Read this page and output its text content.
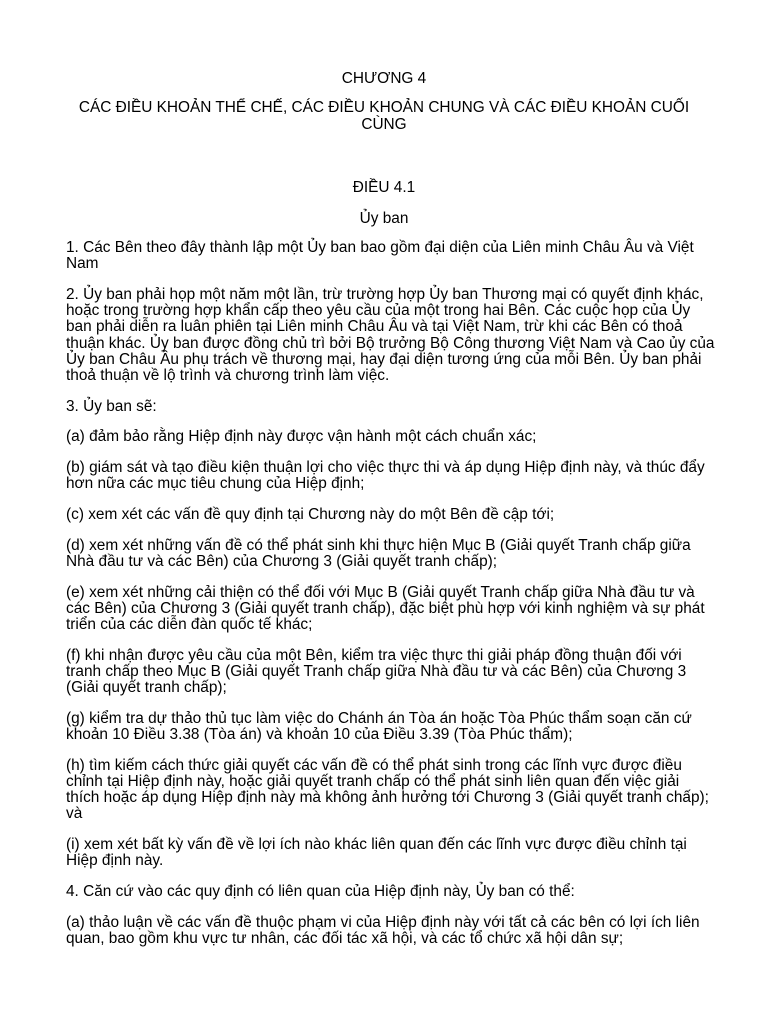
CHƯƠNG 4

CÁC ĐIỀU KHOẢN THỂ CHẾ, CÁC ĐIỀU KHOẢN CHUNG VÀ CÁC ĐIỀU KHOẢN CUỐI CÙNG

ĐIỀU 4.1

Ủy ban

1. Các Bên theo đây thành lập một Ủy ban bao gồm đại diện của Liên minh Châu Âu và Việt Nam

2. Ủy ban phải họp một năm một lần, trừ trường hợp Ủy ban Thương mại có quyết định khác, hoặc trong trường hợp khẩn cấp theo yêu cầu của một trong hai Bên. Các cuộc họp của Ủy ban phải diễn ra luân phiên tại Liên minh Châu Âu và tại Việt Nam, trừ khi các Bên có thoả thuận khác. Ủy ban được đồng chủ trì bởi Bộ trưởng Bộ Công thương Việt Nam và Cao ủy của Ủy ban Châu Âu phụ trách về thương mại, hay đại diện tương ứng của mỗi Bên. Ủy ban phải thoả thuận về lộ trình và chương trình làm việc.

3. Ủy ban sẽ:

(a) đảm bảo rằng Hiệp định này được vận hành một cách chuẩn xác;

(b) giám sát và tạo điều kiện thuận lợi cho việc thực thi và áp dụng Hiệp định này, và thúc đẩy hơn nữa các mục tiêu chung của Hiệp định;

(c) xem xét các vấn đề quy định tại Chương này do một Bên đề cập tới;

(d) xem xét những vấn đề có thể phát sinh khi thực hiện Mục B (Giải quyết Tranh chấp giữa Nhà đầu tư và các Bên) của Chương 3 (Giải quyết tranh chấp);

(e) xem xét những cải thiện có thể đối với Mục B (Giải quyết Tranh chấp giữa Nhà đầu tư và các Bên) của Chương 3 (Giải quyết tranh chấp), đặc biệt phù hợp với kinh nghiệm và sự phát triển của các diễn đàn quốc tế khác;

(f) khi nhận được yêu cầu của một Bên, kiểm tra việc thực thi giải pháp đồng thuận đối với tranh chấp theo Mục B (Giải quyết Tranh chấp giữa Nhà đầu tư và các Bên) của Chương 3 (Giải quyết tranh chấp);

(g) kiểm tra dự thảo thủ tục làm việc do Chánh án Tòa án hoặc Tòa Phúc thẩm soạn căn cứ khoản 10 Điều 3.38 (Tòa án) và khoản 10 của Điều 3.39 (Tòa Phúc thẩm);

(h) tìm kiếm cách thức giải quyết các vấn đề có thể phát sinh trong các lĩnh vực được điều chỉnh tại Hiệp định này, hoặc giải quyết tranh chấp có thể phát sinh liên quan đến việc giải thích hoặc áp dụng Hiệp định này mà không ảnh hưởng tới Chương 3 (Giải quyết tranh chấp); và

(i) xem xét bất kỳ vấn đề về lợi ích nào khác liên quan đến các lĩnh vực được điều chỉnh tại Hiệp định này.

4. Căn cứ vào các quy định có liên quan của Hiệp định này, Ủy ban có thể:

(a) thảo luận về các vấn đề thuộc phạm vi của Hiệp định này với tất cả các bên có lợi ích liên quan, bao gồm khu vực tư nhân, các đối tác xã hội, và các tổ chức xã hội dân sự;
